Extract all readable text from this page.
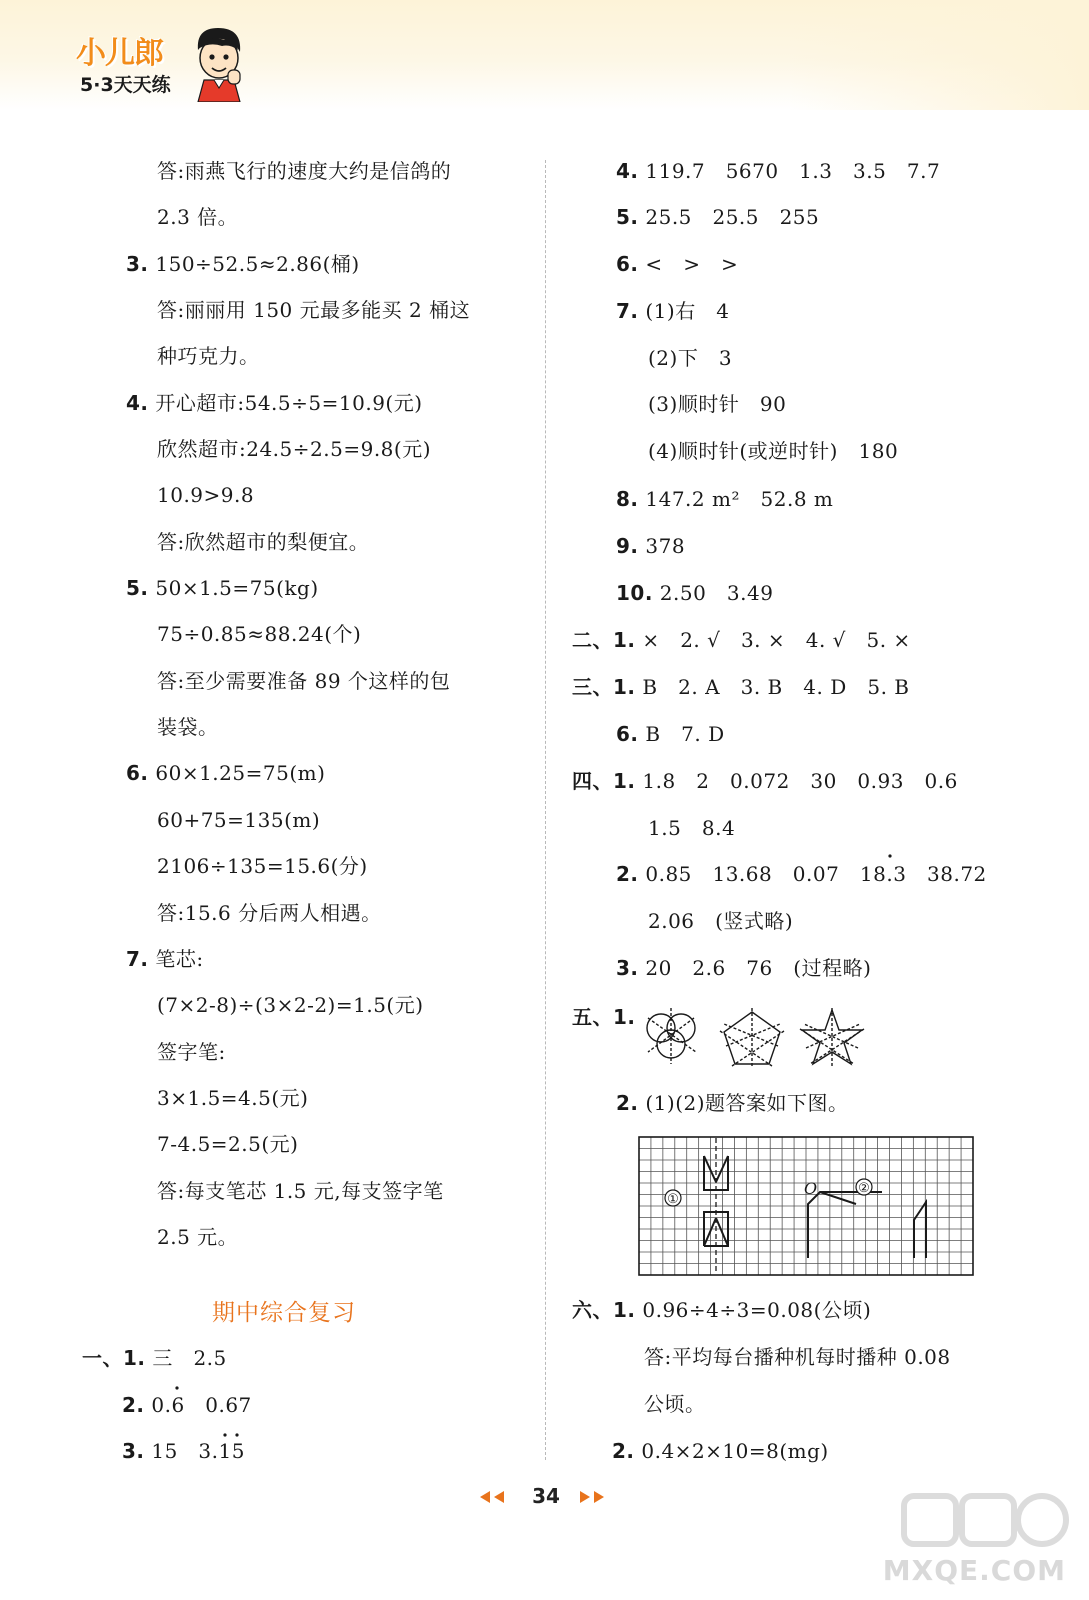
小儿郎
5·3天天练
答:雨燕飞行的速度大约是信鸽的
2.3 倍。
3. 150÷52.5≈2.86(桶)
答:丽丽用 150 元最多能买 2 桶这
种巧克力。
4. 开心超市:54.5÷5=10.9(元)
欣然超市:24.5÷2.5=9.8(元)
10.9>9.8
答:欣然超市的梨便宜。
5. 50×1.5=75(kg)
75÷0.85≈88.24(个)
答:至少需要准备 89 个这样的包
装袋。
6. 60×1.25=75(m)
60+75=135(m)
2106÷135=15.6(分)
答:15.6 分后两人相遇。
7. 笔芯:
(7×2-8)÷(3×2-2)=1.5(元)
签字笔:
3×1.5=4.5(元)
7-4.5=2.5(元)
答:每支笔芯 1.5 元,每支签字笔
2.5 元。
期中综合复习
一、1. 三   2.5
2. 0.6   0.67
3. 15   3.15
4. 119.7   5670   1.3   3.5   7.7
5. 25.5   25.5   255
6. <   >   >
7. (1)右   4
(2)下   3
(3)顺时针   90
(4)顺时针(或逆时针)   180
8. 147.2 m²   52.8 m
9. 378
10. 2.50   3.49
二、1. ×   2. √   3. ×   4. √   5. ×
三、1. B   2. A   3. B   4. D   5. B
6. B   7. D
四、1. 1.8   2   0.072   30   0.93   0.6
1.5   8.4
2. 0.85   13.68   0.07   18.3   38.72
2.06   (竖式略)
3. 20   2.6   76   (过程略)
五、1.
2. (1)(2)题答案如下图。
①
O	②
六、1. 0.96÷4÷3=0.08(公顷)
答:平均每台播种机每时播种 0.08
公顷。
2. 0.4×2×10=8(mg)
34
MXQE.COM
